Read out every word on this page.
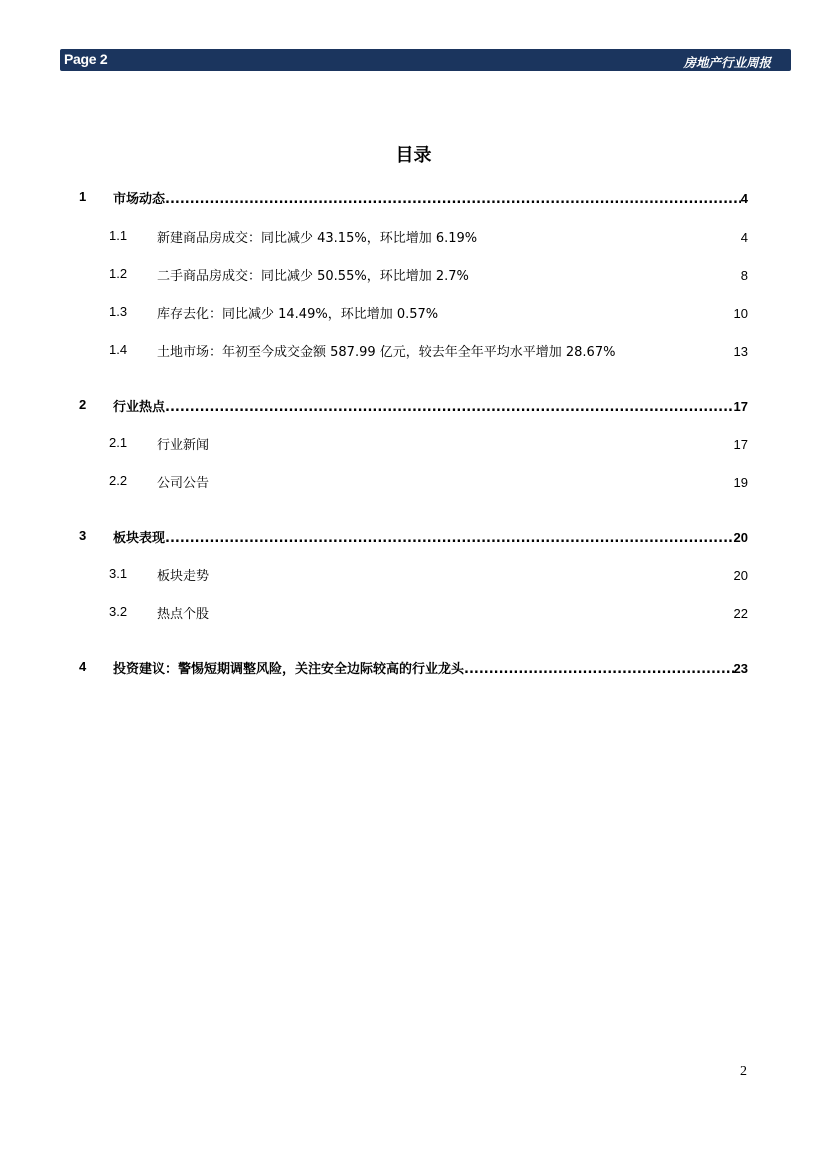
Page 2	房地产行业周报
目录
1 市场动态 .....	4
1.1 新建商品房成交：同比减少 43.15%，环比增加 6.19%	4
1.2 二手商品房成交：同比减少 50.55%，环比增加 2.7%	8
1.3 库存去化：同比减少 14.49%，环比增加 0.57%	10
1.4 土地市场：年初至今成交金额 587.99 亿元，较去年全年平均水平增加 28.67%	13
2 行业热点 .....	17
2.1 行业新闻	17
2.2 公司公告	19
3 板块表现 .....	20
3.1 板块走势	20
3.2 热点个股	22
4 投资建议：警惕短期调整风险，关注安全边际较高的行业龙头 .....	23
2
